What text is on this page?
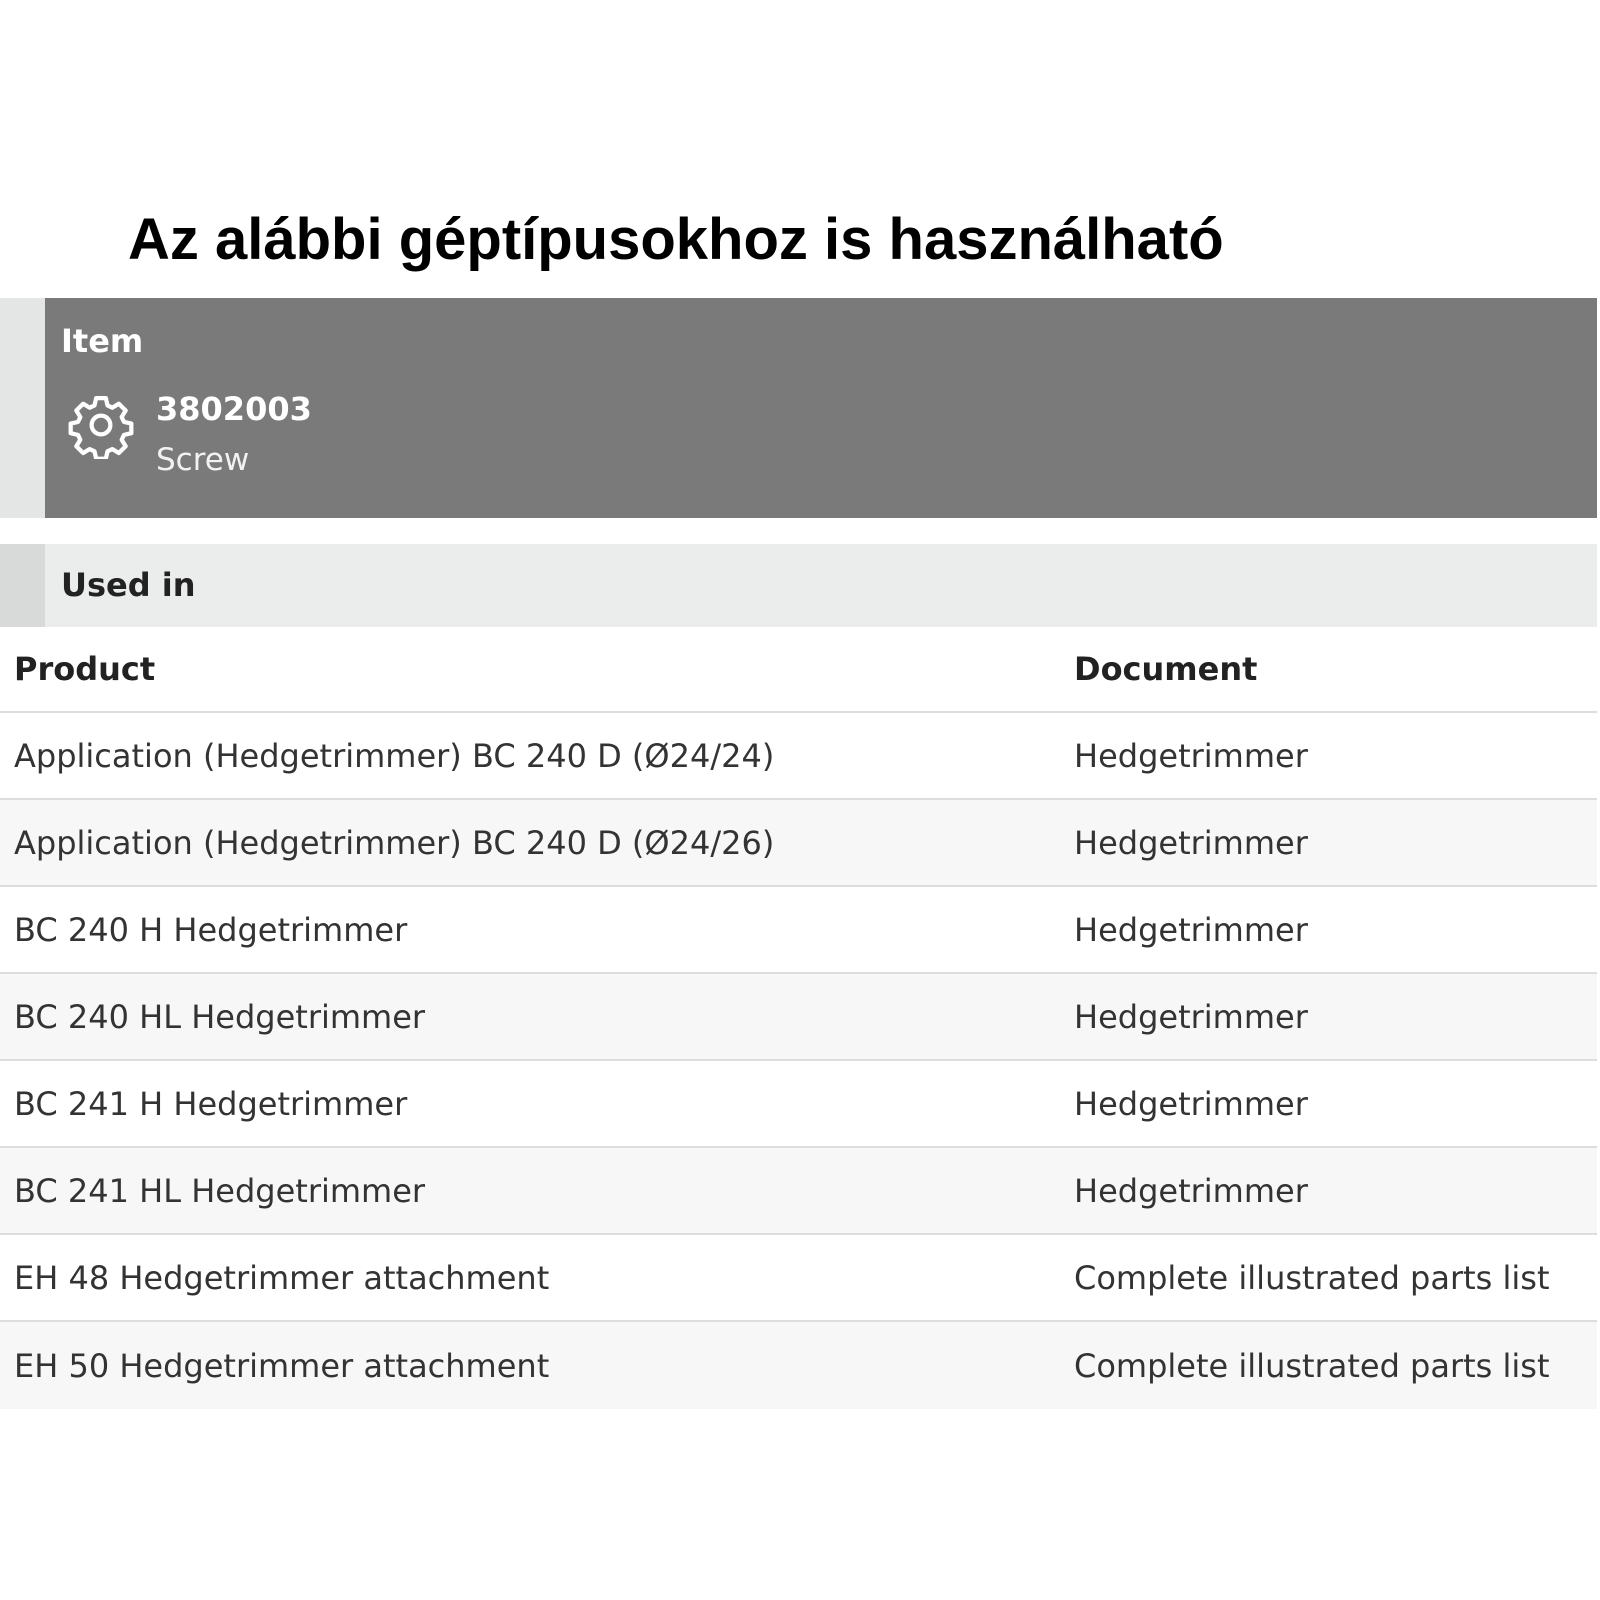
Az alábbi géptípusokhoz is használható
Item
3802003
Screw
Used in
Product	Document
Application (Hedgetrimmer) BC 240 D (Ø24/24)	Hedgetrimmer
Application (Hedgetrimmer) BC 240 D (Ø24/26)	Hedgetrimmer
BC 240 H Hedgetrimmer	Hedgetrimmer
BC 240 HL Hedgetrimmer	Hedgetrimmer
BC 241 H Hedgetrimmer	Hedgetrimmer
BC 241 HL Hedgetrimmer	Hedgetrimmer
EH 48 Hedgetrimmer attachment	Complete illustrated parts list
EH 50 Hedgetrimmer attachment	Complete illustrated parts list
